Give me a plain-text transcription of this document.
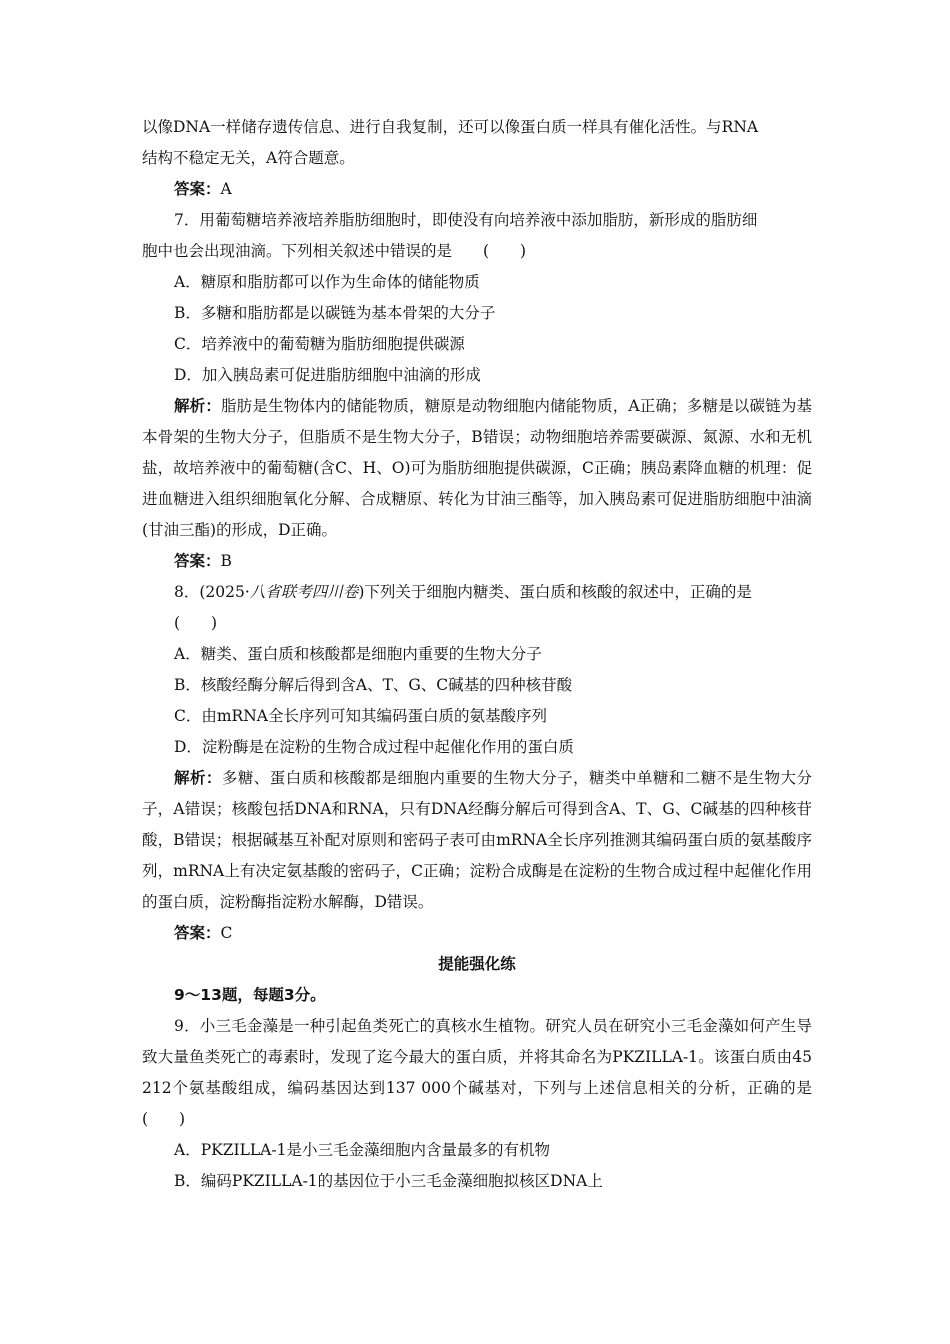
以像DNA一样储存遗传信息、进行自我复制，还可以像蛋白质一样具有催化活性。与RNA
结构不稳定无关，A符合题意。
答案：A
7．用葡萄糖培养液培养脂肪细胞时，即使没有向培养液中添加脂肪，新形成的脂肪细
胞中也会出现油滴。下列相关叙述中错误的是　　(　　)
A．糖原和脂肪都可以作为生命体的储能物质
B．多糖和脂肪都是以碳链为基本骨架的大分子
C．培养液中的葡萄糖为脂肪细胞提供碳源
D．加入胰岛素可促进脂肪细胞中油滴的形成
解析：脂肪是生物体内的储能物质，糖原是动物细胞内储能物质，A正确；多糖是以碳链为基本骨架的生物大分子，但脂质不是生物大分子，B错误；动物细胞培养需要碳源、氮源、水和无机盐，故培养液中的葡萄糖(含C、H、O)可为脂肪细胞提供碳源，C正确；胰岛素降血糖的机理：促进血糖进入组织细胞氧化分解、合成糖原、转化为甘油三酯等，加入胰岛素可促进脂肪细胞中油滴(甘油三酯)的形成，D正确。
答案：B
8．(2025·八省联考四川卷)下列关于细胞内糖类、蛋白质和核酸的叙述中，正确的是
(　　)
A．糖类、蛋白质和核酸都是细胞内重要的生物大分子
B．核酸经酶分解后得到含A、T、G、C碱基的四种核苷酸
C．由mRNA全长序列可知其编码蛋白质的氨基酸序列
D．淀粉酶是在淀粉的生物合成过程中起催化作用的蛋白质
解析：多糖、蛋白质和核酸都是细胞内重要的生物大分子，糖类中单糖和二糖不是生物大分子，A错误；核酸包括DNA和RNA，只有DNA经酶分解后可得到含A、T、G、C碱基的四种核苷酸，B错误；根据碱基互补配对原则和密码子表可由mRNA全长序列推测其编码蛋白质的氨基酸序列，mRNA上有决定氨基酸的密码子，C正确；淀粉合成酶是在淀粉的生物合成过程中起催化作用的蛋白质，淀粉酶指淀粉水解酶，D错误。
答案：C
提能强化练
9～13题，每题3分。
9．小三毛金藻是一种引起鱼类死亡的真核水生植物。研究人员在研究小三毛金藻如何产生导致大量鱼类死亡的毒素时，发现了迄今最大的蛋白质，并将其命名为PKZILLA-1。该蛋白质由45 212个氨基酸组成，编码基因达到137 000个碱基对，下列与上述信息相关的分析，正确的是　(　　)
A．PKZILLA-1是小三毛金藻细胞内含量最多的有机物
B．编码PKZILLA-1的基因位于小三毛金藻细胞拟核区DNA上
